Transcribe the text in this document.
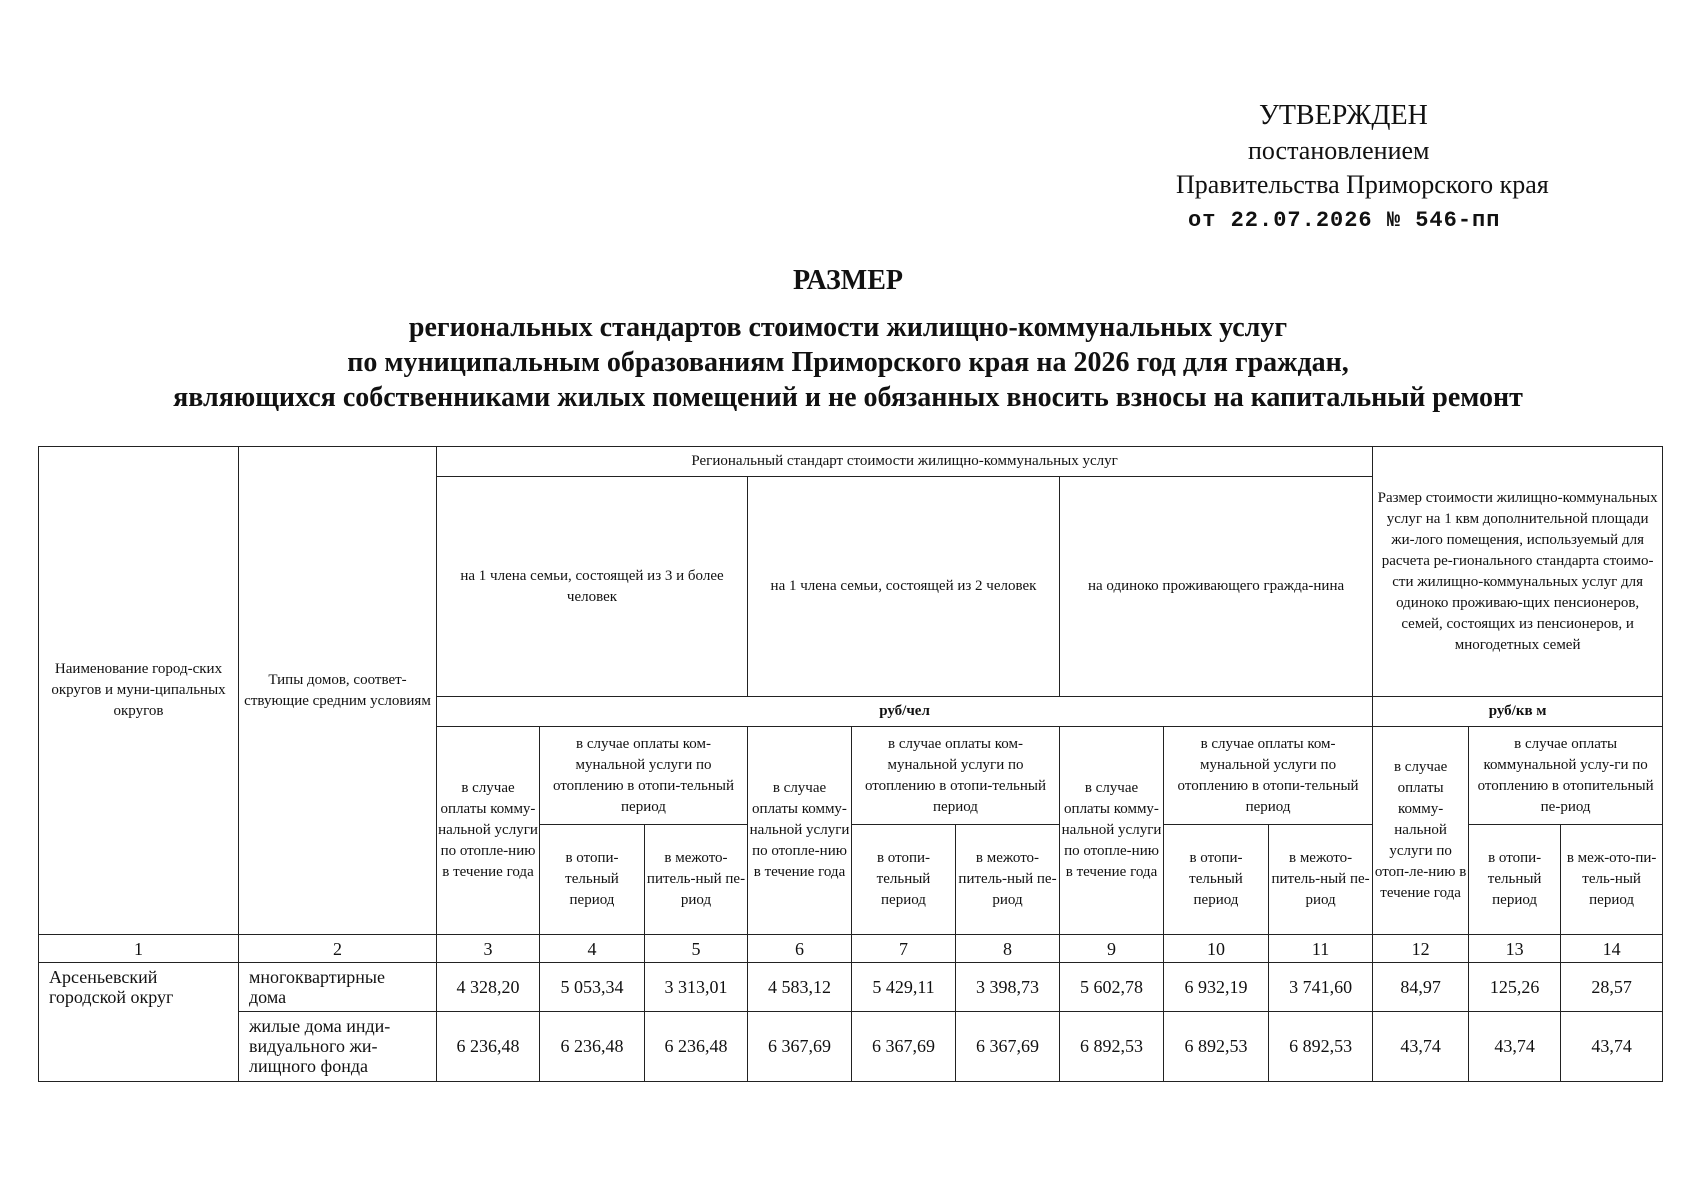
УТВЕРЖДЕН
постановлением
Правительства Приморского края
от 22.07.2026 № 546-пп
РАЗМЕР
региональных стандартов стоимости жилищно-коммунальных услуг
по муниципальным образованиям Приморского края на 2026 год для граждан,
являющихся собственниками жилых помещений и не обязанных вносить взносы на капитальный ремонт
Наименование город-ских округов и муни-ципальных округов	Типы домов, соответ-ствующие средним условиям	Региональный стандарт стоимости жилищно-коммунальных услуг									Размер стоимости жилищно-коммунальных услуг на 1 квм дополнительной площади жи-лого помещения, используемый для расчета ре-гионального стандарта стоимо-сти жилищно-коммунальных услуг для одиноко проживаю-щих пенсионеров, семей, состоящих из пенсионеров, и многодетных семей		
		на 1 члена семьи, состоящей из 3 и более человек			на 1 члена семьи, состоящей из 2 человек			на одиноко проживающего гражда-нина					
		руб/чел									руб/кв м		
		в случае оплаты комму-нальной услуги по отопле-нию в течение года	в случае оплаты ком-мунальной услуги по отоплению в отопи-тельный период		в случае оплаты комму-нальной услуги по отопле-нию в течение года	в случае оплаты ком-мунальной услуги по отоплению в отопи-тельный период		в случае оплаты комму-нальной услуги по отопле-нию в течение года	в случае оплаты ком-мунальной услуги по отоплению в отопи-тельный период		в случае оплаты комму-нальной услуги по отоп-ле-нию в течение года	в случае оплаты коммунальной услу-ги по отоплению в отопительный пе-риод	
			в отопи-тельный период	в межото-питель-ный пе-риод		в отопи-тельный период	в межото-питель-ный пе-риод		в отопи-тельный период	в межото-питель-ный пе-риод		в отопи-тельный период	в меж-ото-пи-тель-ный период
1	2	3	4	5	6	7	8	9	10	11	12	13	14
Арсеньевский городской округ	многоквартирные дома	4 328,20	5 053,34	3 313,01	4 583,12	5 429,11	3 398,73	5 602,78	6 932,19	3 741,60	84,97	125,26	28,57
	жилые дома инди-видуального жи-лищного фонда	6 236,48	6 236,48	6 236,48	6 367,69	6 367,69	6 367,69	6 892,53	6 892,53	6 892,53	43,74	43,74	43,74
